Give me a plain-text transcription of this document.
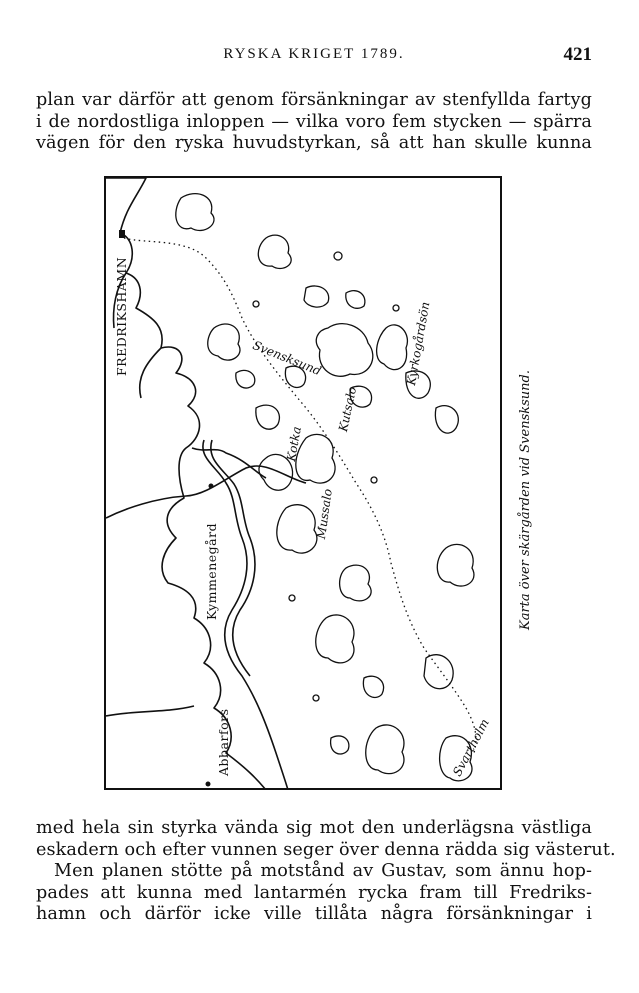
RYSKA KRIGET 1789.	421
plan var därför att genom försänkningar av stenfyllda fartyg
i de nordostliga inloppen — vilka voro fem stycken — spärra
vägen för den ryska huvudstyrkan, så att han skulle kunna
FREDRIKSHAMN	Svensksund
Kutsalo
Kyrkogårdsön
Kotka
Mussalo
Kymmenegård
Abbarfors	Svartholm
Karta över skärgården vid Svensksund.
med hela sin styrka vända sig mot den underlägsna västliga
eskadern och efter vunnen seger över denna rädda sig västerut.
Men planen stötte på motstånd av Gustav, som ännu hop-
pades att kunna med lantarmén rycka fram till Fredriks-
hamn och därför icke ville tillåta några försänkningar i
